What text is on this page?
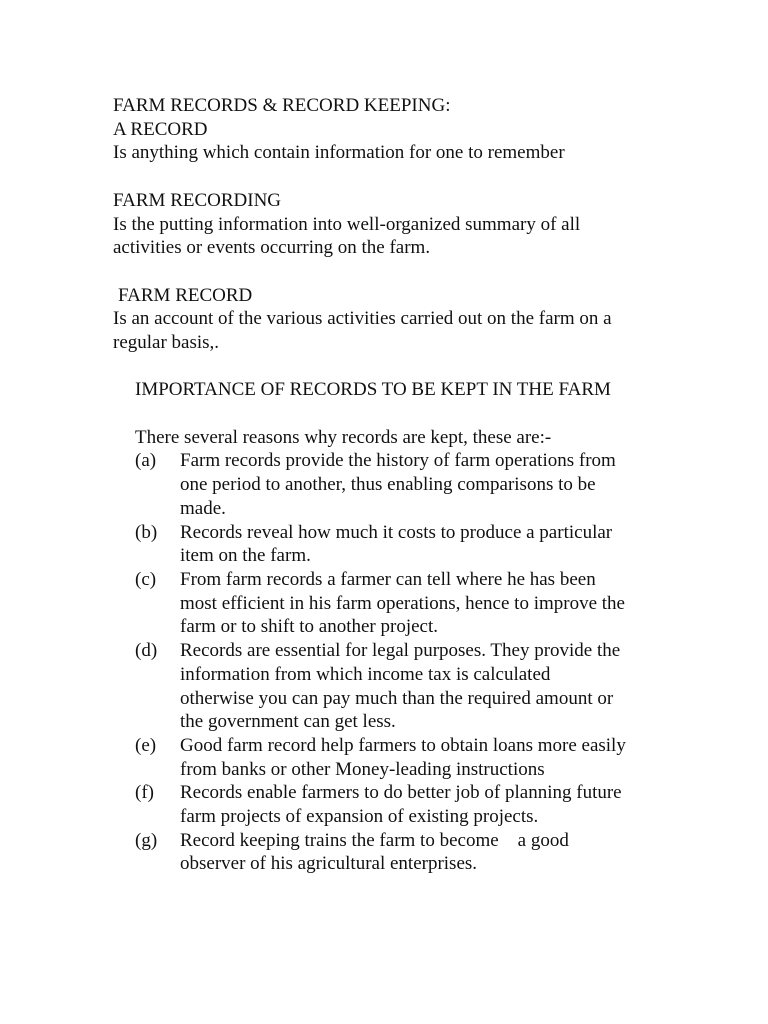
FARM RECORDS & RECORD KEEPING:
A RECORD
Is anything which contain information for one to remember
FARM RECORDING
Is the putting information into well-organized summary of all
activities or events occurring on the farm.
FARM RECORD
Is an account of the various activities carried out on the farm on a
regular basis,.
IMPORTANCE OF RECORDS TO BE KEPT IN THE FARM
There several reasons why records are kept, these are:-
(a)	Farm records provide the history of farm operations from
one period to another, thus enabling comparisons to be
made.
(b)	Records reveal how much it costs to produce a particular
item on the farm.
(c)	From farm records a farmer can tell where he has been
most efficient in his farm operations, hence to improve the
farm or to shift to another project.
(d)	Records are essential for legal purposes. They provide the
information from which income tax is calculated
otherwise you can pay much than the required amount or
the government can get less.
(e)	Good farm record help farmers to obtain loans more easily
from banks or other Money-leading instructions
(f)	Records enable farmers to do better job of planning future
farm projects of expansion of existing projects.
(g)	Record keeping trains the farm to become    a good
observer of his agricultural enterprises.
